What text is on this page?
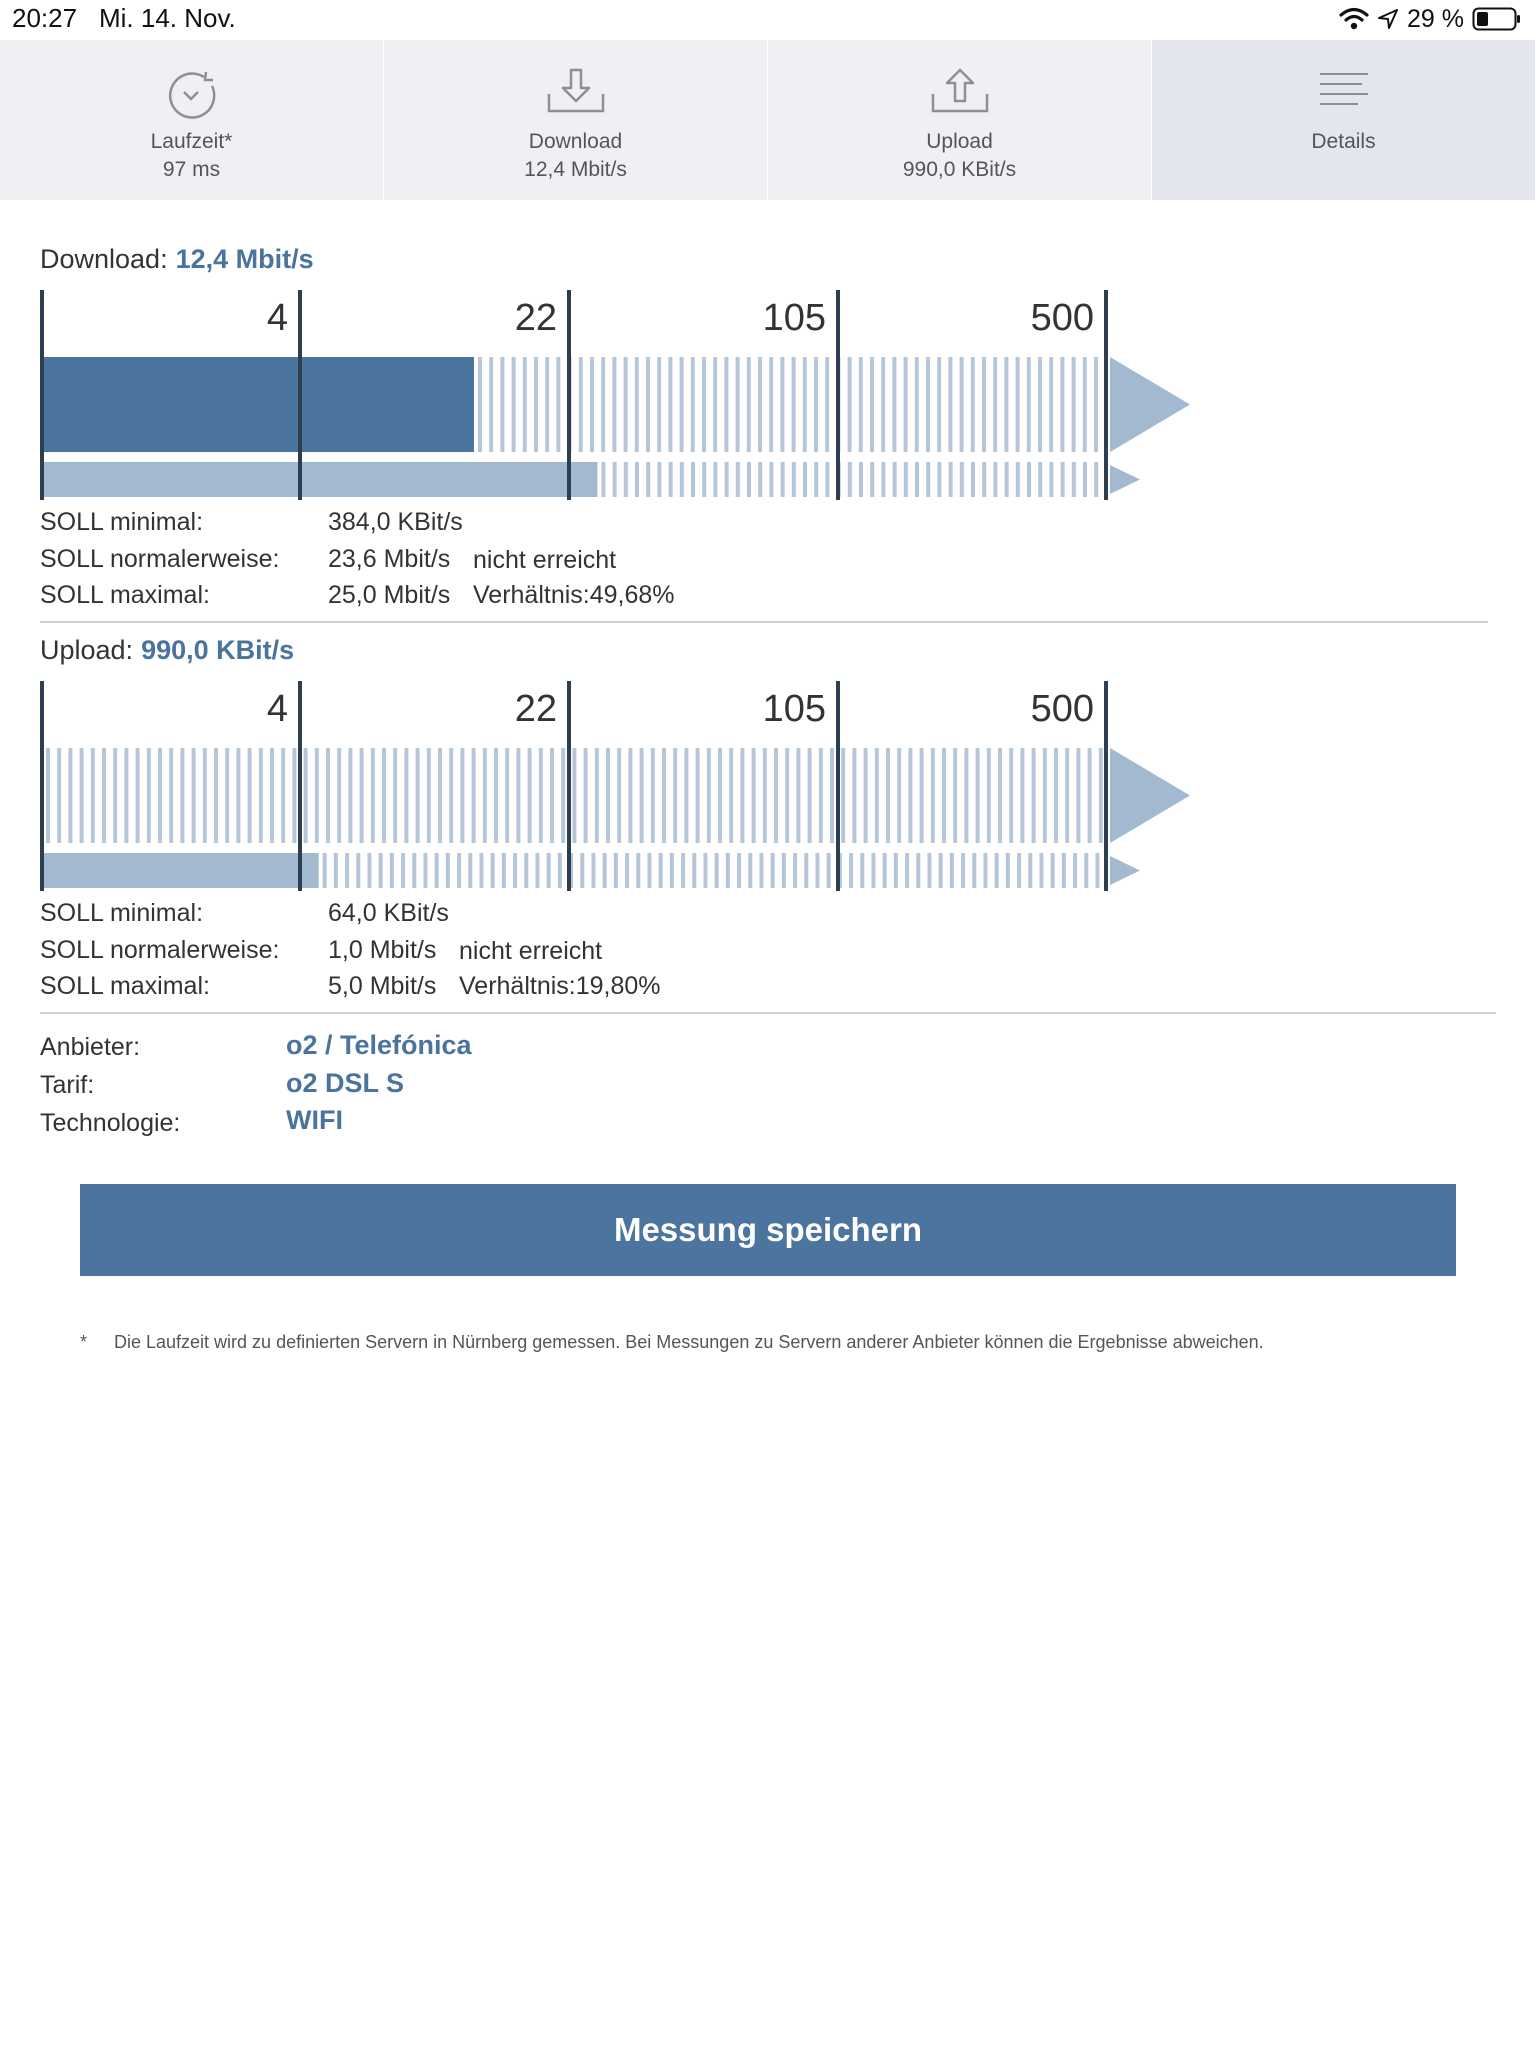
20:27 Mi. 14. Nov.	29 %
Laufzeit*
97 ms
Download
12,4 Mbit/s
Upload
990,0 KBit/s
Details
Download: 12,4 Mbit/s
4	22	105	500
SOLL minimal:	384,0 KBit/s
SOLL normalerweise: 23,6 Mbit/s nicht erreicht
SOLL maximal:	25,0 Mbit/s Verhältnis:49,68%
Upload: 990,0 KBit/s
4	22	105	500
SOLL minimal:	64,0 KBit/s
SOLL normalerweise: 1,0 Mbit/s nicht erreicht
SOLL maximal:	5,0 Mbit/s Verhältnis:19,80%
Anbieter:	o2 / Telefónica
Tarif:	o2 DSL S
Technologie:	WIFI
Messung speichern
* Die Laufzeit wird zu definierten Servern in Nürnberg gemessen. Bei Messungen zu Servern anderer Anbieter können die Ergebnisse abweichen.
